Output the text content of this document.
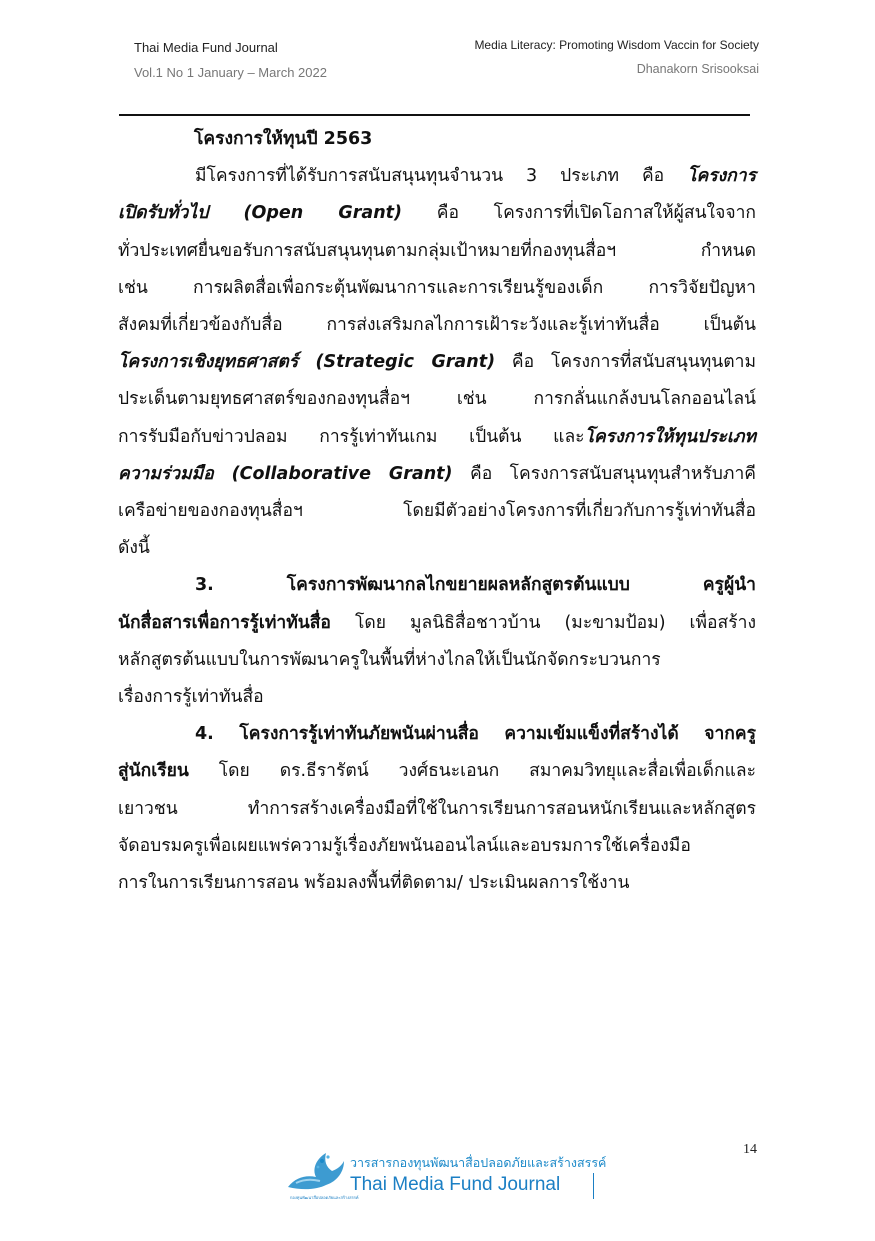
Thai Media Fund Journal
Vol.1 No 1 January – March 2022
Media Literacy: Promoting Wisdom Vaccin for Society
Dhanakorn Srisooksai

โครงการให้ทุนปี 2563

มีโครงการที่ได้รับการสนับสนุนทุนจำนวน 3 ประเภท คือ โครงการ

เปิดรับทั่วไป (Open Grant) คือ โครงการที่เปิดโอกาสให้ผู้สนใจจาก

ทั่วประเทศยื่นขอรับการสนับสนุนทุนตามกลุ่มเป้าหมายที่กองทุนสื่อฯ กำหนด

เช่น การผลิตสื่อเพื่อกระตุ้นพัฒนาการและการเรียนรู้ของเด็ก การวิจัยปัญหา

สังคมที่เกี่ยวข้องกับสื่อ การส่งเสริมกลไกการเฝ้าระวังและรู้เท่าทันสื่อ เป็นต้น

โครงการเชิงยุทธศาสตร์ (Strategic Grant) คือ โครงการที่สนับสนุนทุนตาม

ประเด็นตามยุทธศาสตร์ของกองทุนสื่อฯ เช่น การกลั่นแกล้งบนโลกออนไลน์

การรับมือกับข่าวปลอม การรู้เท่าทันเกม เป็นต้น และโครงการให้ทุนประเภท

ความร่วมมือ (Collaborative Grant) คือ โครงการสนับสนุนทุนสำหรับภาคี

เครือข่ายของกองทุนสื่อฯ โดยมีตัวอย่างโครงการที่เกี่ยวกับการรู้เท่าทันสื่อ

ดังนี้

3. โครงการพัฒนากลไกขยายผลหลักสูตรต้นแบบ ครูผู้นำ

นักสื่อสารเพื่อการรู้เท่าทันสื่อ โดย มูลนิธิสื่อชาวบ้าน (มะขามป้อม) เพื่อสร้าง

หลักสูตรต้นแบบในการพัฒนาครูในพื้นที่ห่างไกลให้เป็นนักจัดกระบวนการ

เรื่องการรู้เท่าทันสื่อ

4. โครงการรู้เท่าทันภัยพนันผ่านสื่อ ความเข้มแข็งที่สร้างได้ จากครู

สู่นักเรียน โดย ดร.ธีรารัตน์ วงศ์ธนะเอนก สมาคมวิทยุและสื่อเพื่อเด็กและ

เยาวชน ทำการสร้างเครื่องมือที่ใช้ในการเรียนการสอนหนักเรียนและหลักสูตร

จัดอบรมครูเพื่อเผยแพร่ความรู้เรื่องภัยพนันออนไลน์และอบรมการใช้เครื่องมือ

การในการเรียนการสอน พร้อมลงพื้นที่ติดตาม/ ประเมินผลการใช้งาน

14
กองทุนพัฒนาสื่อปลอดภัยและสร้างสรรค์
วารสารกองทุนพัฒนาสื่อปลอดภัยและสร้างสรรค์
Thai Media Fund Journal
